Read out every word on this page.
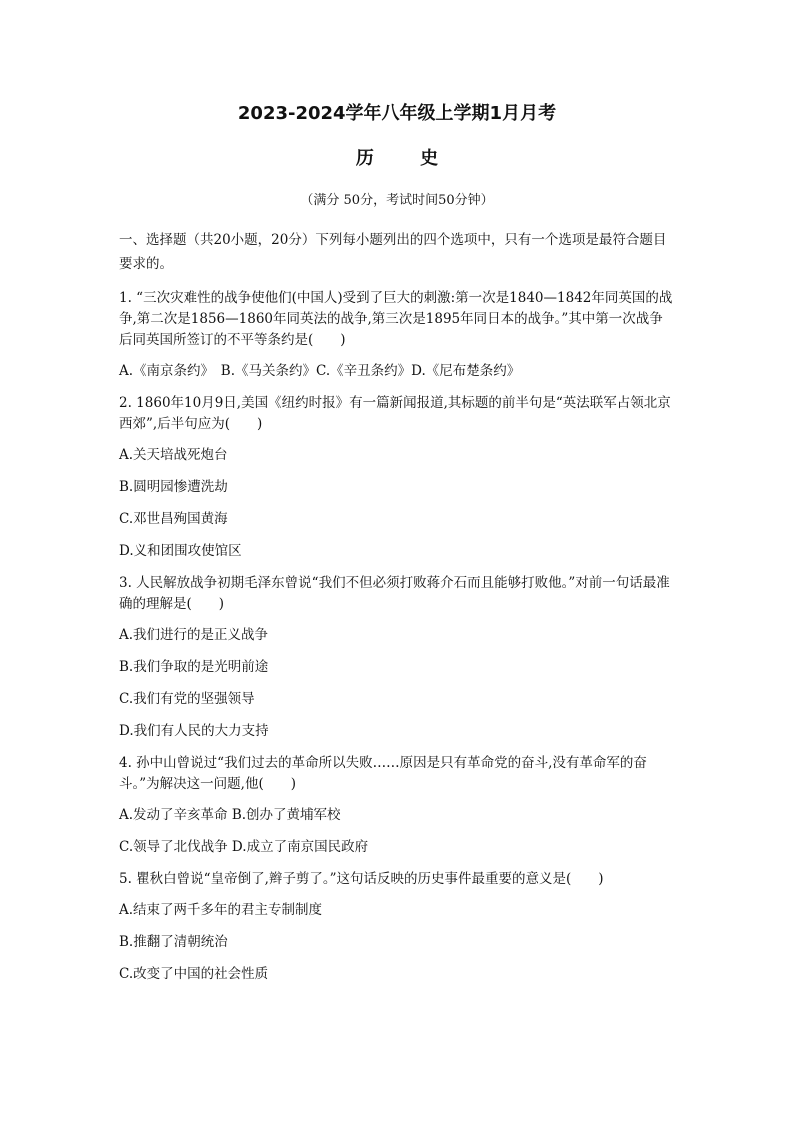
2023-2024学年八年级上学期1月月考
历 史
（满分 50分，考试时间50分钟）
一、选择题（共20小题，20分）下列每小题列出的四个选项中，只有一个选项是最符合题目要求的。
1. “三次灾难性的战争使他们(中国人)受到了巨大的刺激:第一次是1840—1842年同英国的战争,第二次是1856—1860年同英法的战争,第三次是1895年同日本的战争。”其中第一次战争后同英国所签订的不平等条约是(　　)
A.《南京条约》　B.《马关条约》C.《辛丑条约》D.《尼布楚条约》
2. 1860年10月9日,美国《纽约时报》有一篇新闻报道,其标题的前半句是“英法联军占领北京西郊”,后半句应为(　　)
A.关天培战死炮台
B.圆明园惨遭洗劫
C.邓世昌殉国黄海
D.义和团围攻使馆区
3. 人民解放战争初期毛泽东曾说“我们不但必须打败蒋介石而且能够打败他。”对前一句话最准确的理解是(　　)
A.我们进行的是正义战争
B.我们争取的是光明前途
C.我们有党的坚强领导
D.我们有人民的大力支持
4. 孙中山曾说过“我们过去的革命所以失败……原因是只有革命党的奋斗,没有革命军的奋斗。”为解决这一问题,他(　　)
A.发动了辛亥革命 B.创办了黄埔军校
C.领导了北伐战争 D.成立了南京国民政府
5. 瞿秋白曾说“皇帝倒了,辫子剪了。”这句话反映的历史事件最重要的意义是(　　)
A.结束了两千多年的君主专制制度
B.推翻了清朝统治
C.改变了中国的社会性质
